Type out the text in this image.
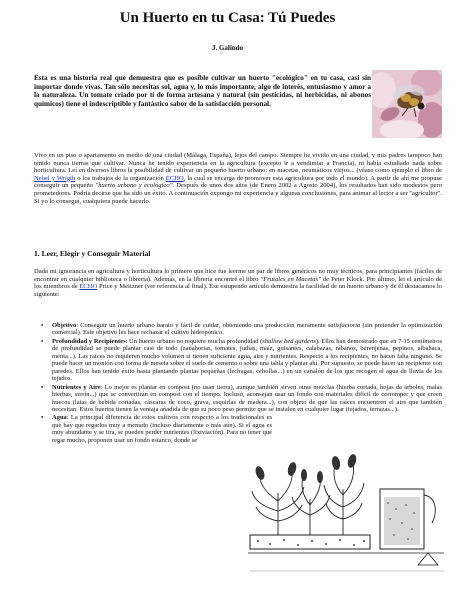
Un Huerto en tu Casa: Tú Puedes
J. Galindo
Esta es una historia real que demuestra que es posible cultivar un huerto "ecológico" en tu casa, casi sin importar donde vivas. Tan sólo necesitas sol, agua y, lo más importante, algo de interés, entusiasmo y amor a la naturaleza. Un tomate criado por tí de forma artesana y natural (sin pesticidas, ni herbicidas, ni abonos químicos) tiene el indescriptible y fantástico sabor de la satisfacción personal.
Vivo en un piso o apartamento en medio de una ciudad (Málaga, España), lejos del campo. Siempre he vivido en una ciudad, y mis padres tampoco han tenido nunca tierras que cultivar. Nunca he tenido experiencia en la agricultura (excepto ir a vendimiar a Francia), ni había estudiado nada sobre horticultura. Leí en diversos libros la posibilidad de cultivar un pequeño huerto urbano: en macetas, neumáticos viejos... (véase como ejemplo el libro de Nebel y Wrigth o los trabajos de la organización ECHO, la cual se encarga de promover esta agricultura por todo el mundo). A partir de ahí me propuse conseguir un pequeño "huerto urbano y ecológico". Después de unos dos años (de Enero 2002 a Agosto 2004), los resultados han sido modestos pero prometedores. Podría decirse que ha sido un éxito. A continuación expongo mi experiencia y algunas conclusiones, para animar al lector a ser "agricultor". Si yo lo conseguí, cualquiera puede hacerlo.
1. Leer, Elegir y Conseguir Material
Dada mi ignorancia en agricultura y horticultura lo primero que hice fue leerme un par de libros genéricos no muy técnicos, para principiantes (fáciles de encontrar en cualquier biblioteca o librería). Además, en la librería encontré el libro "Frutales en Macetas" de Peter Klock. Por último, lei el artículo de los miembros de ECHO Price y Meitzner (ver referencia al final). Ese estupendo artículo demuestra la facilidad de un huerto urbano y de él destacamos lo siguiente:
• Objetivo: Conseguir un huerto urbano barato y fácil de cuidar, obteniendo una producción meramente satisfactoria (sin pretender la optimización comercial). Este objetivo les hace rechazar el cultivo hidropónico.
• Profundidad y Recipientes: Un huerto urbano no requiere mucha profundidad (shallow bed gardens). Ellos han demostrado que en 7-15 centímetros de profundidad se puede plantar casi de todo (zanahorias, tomates, judías, maíz, guisantes, calabazas, rábanos, berenjenas, pepinos, albahaca, menta...). Las raíces no requieren mucho volumen si tienen suficiente agua, aire y nutrientes. Respecto a los recipientes, no hacen falta ninguno. Se puede hacer un montón con forma de meseta sobre el suelo de cemento o sobre una tabla y plantar ahí. Por supuesto, se puede hacer un recipiente con paredes. Ellos han tenido éxito hasta plantando plantas pequeñas (lechugas, cebollas...) en un canalón de los que recogen el agua de lluvia de los tejados.
• Nutrientes y Aire: Lo mejor es plantar en compost (no usan tierra), aunque también sirven otras mezclas (hierba cortada, hojas de árboles, malas hierbas, serrín...) que se convertirán en compost con el tiempo. Incluso, aconsejan usar un fondo con materiales difícil de corromper y que creen huecos (latas de bebida cortadas, cáscaras de coco, grava, esquirlas de madera...), con objeto de que las raíces encuentren el aire que también necesitan. Estos huertos tienen la ventaja añadida de que su poco peso permite que se instalen en cualquier lugar (tejados, terrazas...).
• Agua: La principal diferencia de estos cultivos con respecto a los tradicionales es que hay que regarlos muy a menudo (incluso diariamente o más aún). Si el agua es muy abundante y se tira, se pueden perder nutrientes (lixiviación). Para no tener qué regar mucho, proponen usar un fondo estanco, donde se
